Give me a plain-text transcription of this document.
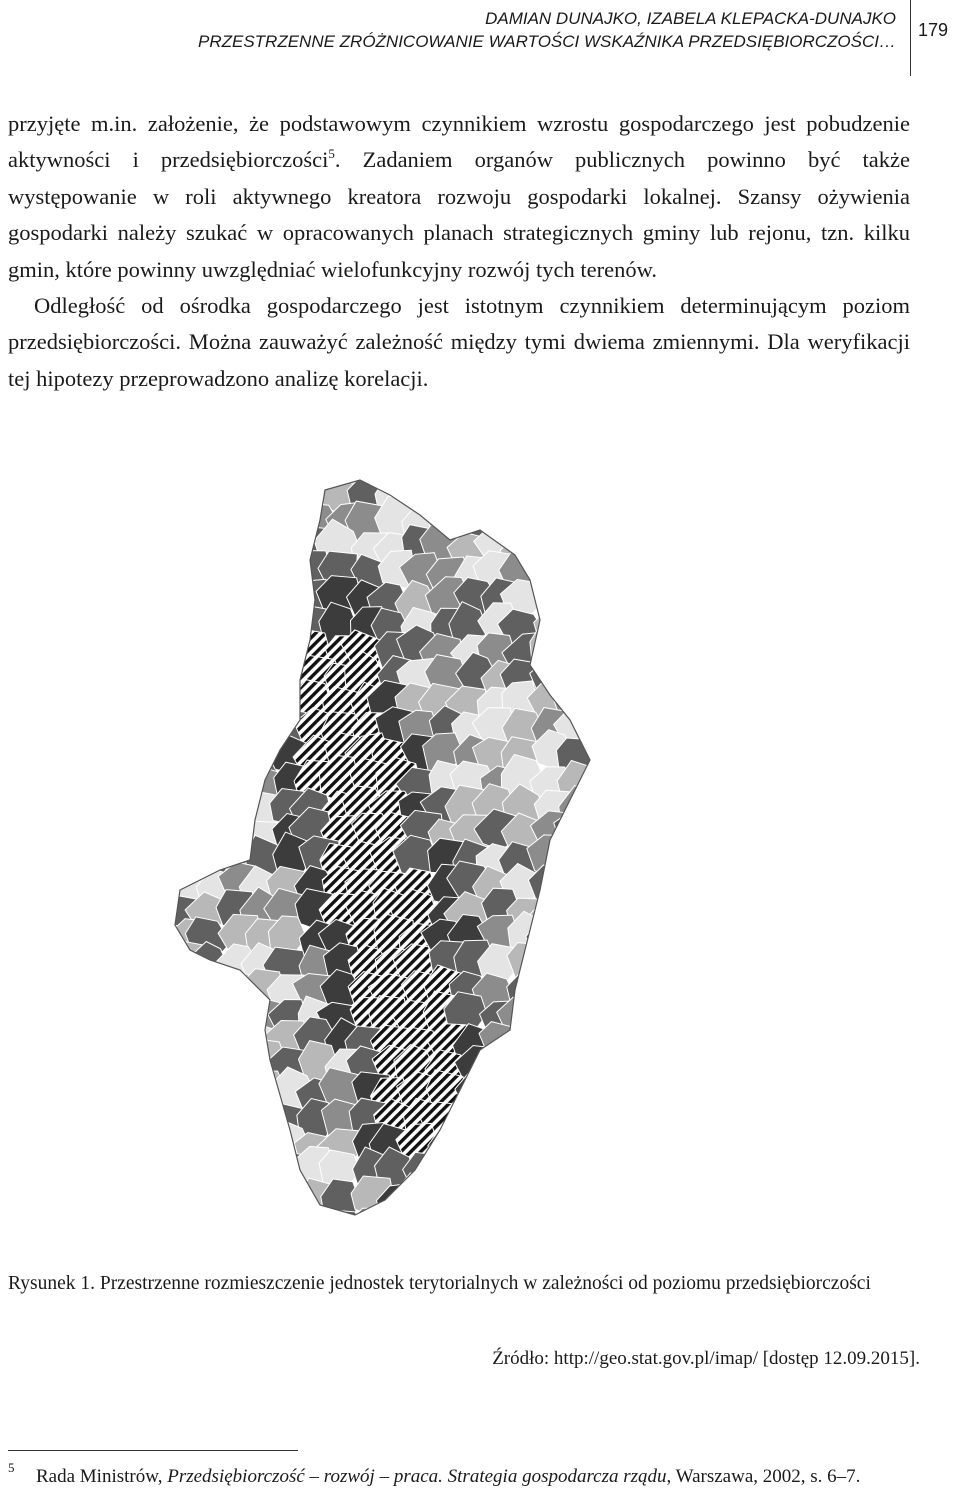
DAMIAN DUNAJKO, IZABELA KLEPACKA-DUNAJKO
PRZESTRZENNE ZRÓŻNICOWANIE WARTOŚCI WSKAŹNIKA PRZEDSIĘBIORCZOŚCI…
179

przyjęte m.in. założenie, że podstawowym czynnikiem wzrostu gospodarczego jest pobudzenie aktywności i przedsiębiorczości$^5$. Zadaniem organów publicznych powinno być także występowanie w roli aktywnego kreatora rozwoju gospodarki lokalnej. Szansy ożywienia gospodarki należy szukać w opracowanych planach strategicznych gminy lub rejonu, tzn. kilku gmin, które powinny uwzględniać wielofunkcyjny rozwój tych terenów.

Odległość od ośrodka gospodarczego jest istotnym czynnikiem determinującym poziom przedsiębiorczości. Można zauważyć zależność między tymi dwiema zmiennymi. Dla weryfikacji tej hipotezy przeprowadzono analizę korelacji.

Rysunek 1. Przestrzenne rozmieszczenie jednostek terytorialnych w zależności od poziomu przedsiębiorczości
Źródło: http://geo.stat.gov.pl/imap/ [dostęp 12.09.2015].
5 Rada Ministrów, Przedsiębiorczość – rozwój – praca. Strategia gospodarcza rządu, Warszawa, 2002, s. 6–7.
